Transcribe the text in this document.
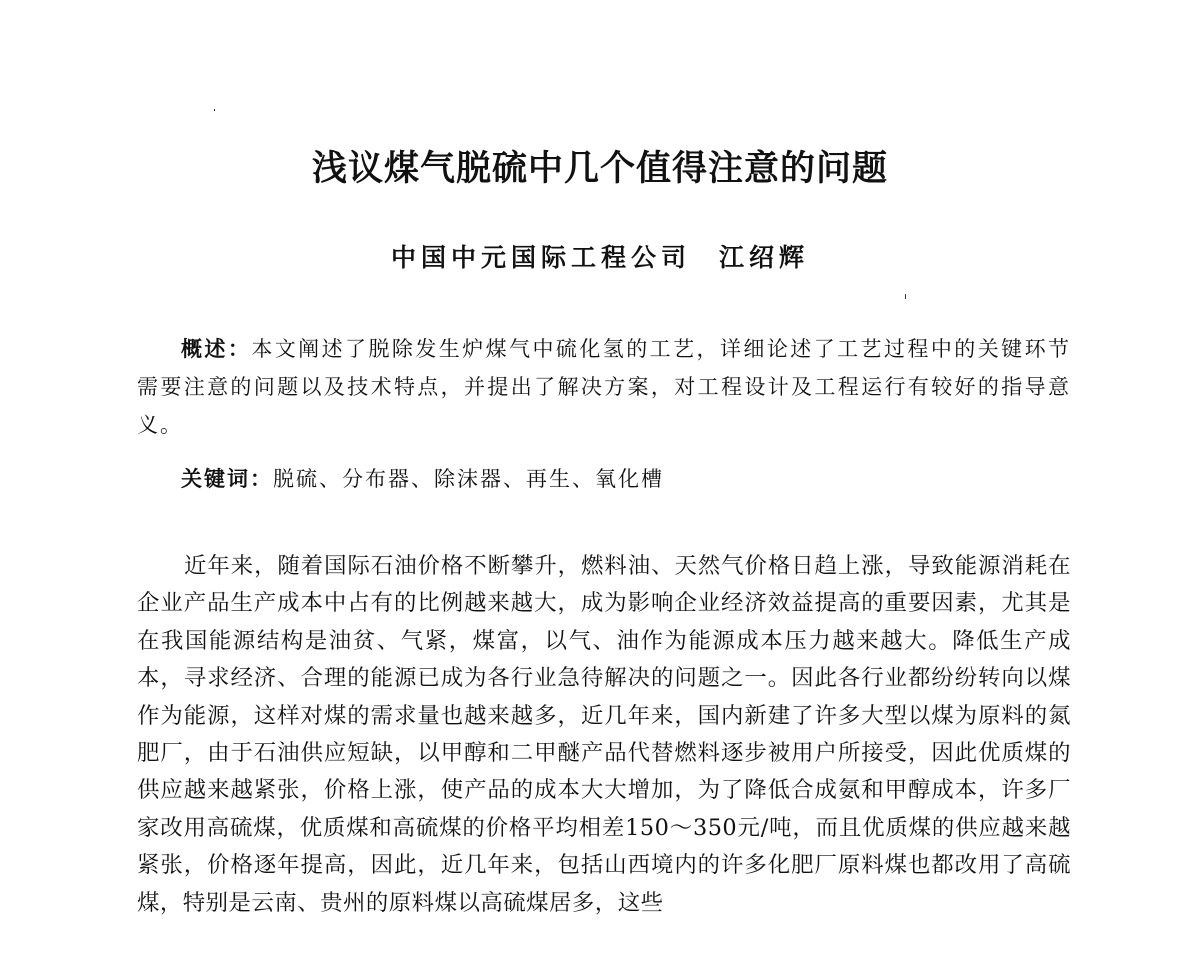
浅议煤气脱硫中几个值得注意的问题
中国中元国际工程公司 江绍辉

概述：本文阐述了脱除发生炉煤气中硫化氢的工艺，详细论述了工艺过程中的关键环节需要注意的问题以及技术特点，并提出了解决方案，对工程设计及工程运行有较好的指导意义。

关键词：脱硫、分布器、除沫器、再生、氧化槽

近年来，随着国际石油价格不断攀升，燃料油、天然气价格日趋上涨，导致能源消耗在企业产品生产成本中占有的比例越来越大，成为影响企业经济效益提高的重要因素，尤其是在我国能源结构是油贫、气紧，煤富，以气、油作为能源成本压力越来越大。降低生产成本，寻求经济、合理的能源已成为各行业急待解决的问题之一。因此各行业都纷纷转向以煤作为能源，这样对煤的需求量也越来越多，近几年来，国内新建了许多大型以煤为原料的氮肥厂，由于石油供应短缺，以甲醇和二甲醚产品代替燃料逐步被用户所接受，因此优质煤的供应越来越紧张，价格上涨，使产品的成本大大增加，为了降低合成氨和甲醇成本，许多厂家改用高硫煤，优质煤和高硫煤的价格平均相差150～350元/吨，而且优质煤的供应越来越紧张，价格逐年提高，因此，近几年来，包括山西境内的许多化肥厂原料煤也都改用了高硫煤，特别是云南、贵州的原料煤以高硫煤居多，这些
